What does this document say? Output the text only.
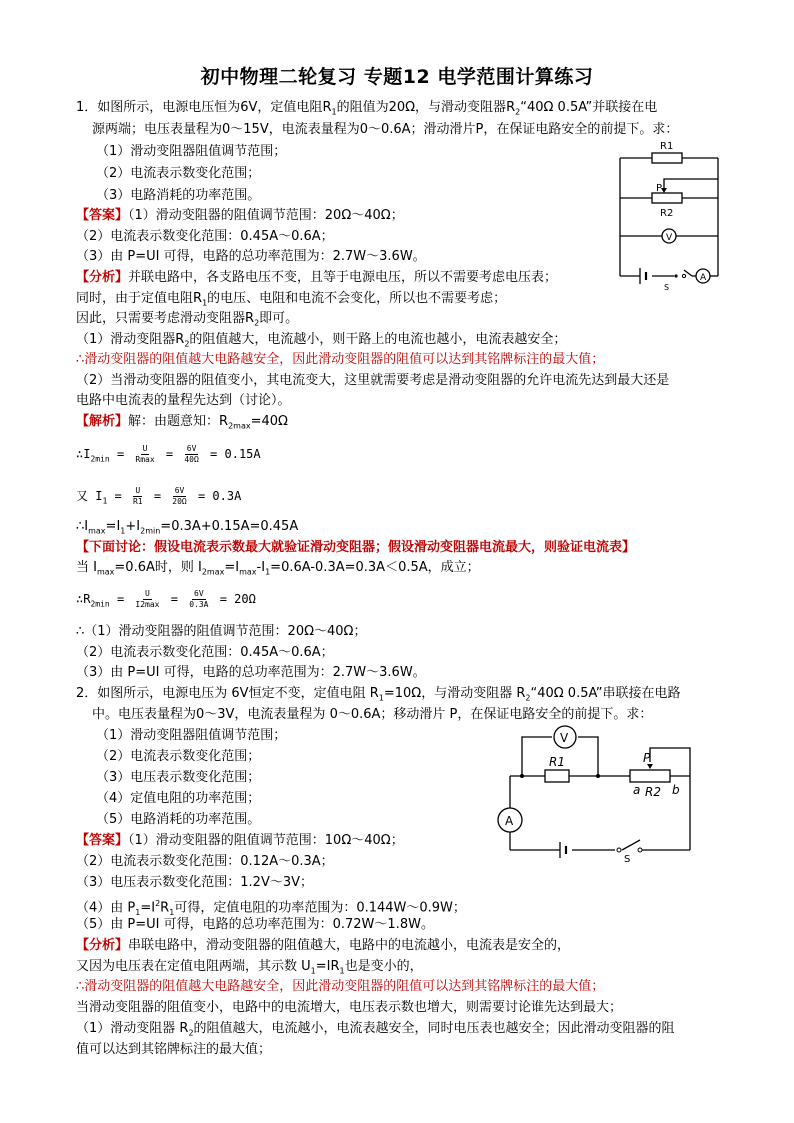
初中物理二轮复习 专题12 电学范围计算练习
1．如图所示，电源电压恒为6V，定值电阻$R_1$的阻值为20Ω，与滑动变阻器$R_2“40\Omega$ 0.5A”并联接在电
源两端；电压表量程为0～15V，电流表量程为0～0.6A；滑动滑片P，在保证电路安全的前提下。求：
（1）滑动变阻器阻值调节范围；
（2）电流表示数变化范围；
（3）电路消耗的功率范围。
【答案】（1）滑动变阻器的阻值调节范围：20Ω～40Ω；
（2）电流表示数变化范围：0.45A～0.6A；
（3）由 P=UI 可得，电路的总功率范围为：2.7W～3.6W。
【分析】并联电路中，各支路电压不变，且等于电源电压，所以不需要考虑电压表；
同时，由于定值电阻$R_1$的电压、电阻和电流不会变化，所以也不需要考虑；
因此，只需要考虑滑动变阻器$R_2$即可。
（1）滑动变阻器$R_2$的阻值越大，电流越小，则干路上的电流也越小，电流表越安全；
∴滑动变阻器的阻值越大电路越安全，因此滑动变阻器的阻值可以达到其铭牌标注的最大值；
（2）当滑动变阻器的阻值变小，其电流变大，这里就需要考虑是滑动变阻器的允许电流先达到最大还是
电路中电流表的量程先达到（讨论）。
【解析】解：由题意知：$R_{2max}=40\Omega$
$\therefore I_{2min} = \frac{U}{Rmax} = \frac{6V}{40\Omega} = 0.15A$
又 $I_1 = \frac{U}{R1} = \frac{6V}{20\Omega} = 0.3A$
$\therefore I_{max}=I_1+I_{2min}=0.3A+0.15A=0.45A$
【下面讨论：假设电流表示数最大就验证滑动变阻器；假设滑动变阻器电流最大，则验证电流表】
当 $I_{max}=0.6A$时，则 $I_{2max}=I_{max}-I_1=0.6A-0.3A=0.3A<0.5A$，成立；
$\therefore R_{2min} = \frac{U}{I2\max} = \frac{6V}{0.3A} = 20\Omega$
∴（1）滑动变阻器的阻值调节范围：20Ω～40Ω；
（2）电流表示数变化范围：0.45A～0.6A；
（3）由 P=UI 可得，电路的总功率范围为：2.7W～3.6W。
R1
P
R2
V
A
S
2．如图所示，电源电压为 6V恒定不变，定值电阻 $R_1=10\Omega$，与滑动变阻器 $R_2“40\Omega$ 0.5A”串联接在电路
中。电压表量程为0～3V，电流表量程为 0～0.6A；移动滑片 P，在保证电路安全的前提下。求：
（1）滑动变阻器阻值调节范围；
（2）电流表示数变化范围；
（3）电压表示数变化范围；
（4）定值电阻的功率范围；
（5）电路消耗的功率范围。
【答案】（1）滑动变阻器的阻值调节范围：10Ω～40Ω；
（2）电流表示数变化范围：0.12A～0.3A；
（3）电压表示数变化范围：1.2V～3V；
（4）由 $P_1=I^2R_1$可得，定值电阻的功率范围为：0.144W～0.9W；
（5）由 P=UI 可得，电路的总功率范围为：0.72W～1.8W。
【分析】串联电路中，滑动变阻器的阻值越大，电路中的电流越小，电流表是安全的，
又因为电压表在定值电阻两端，其示数 $U_1=IR_1$也是变小的，
∴滑动变阻器的阻值越大电路越安全，因此滑动变阻器的阻值可以达到其铭牌标注的最大值；
当滑动变阻器的阻值变小，电路中的电流增大，电压表示数也增大，则需要讨论谁先达到最大；
（1）滑动变阻器 $R_2$的阻值越大，电流越小，电流表越安全，同时电压表也越安全；因此滑动变阻器的阻
值可以达到其铭牌标注的最大值；
V
R1	P
a R2 b
A
S
